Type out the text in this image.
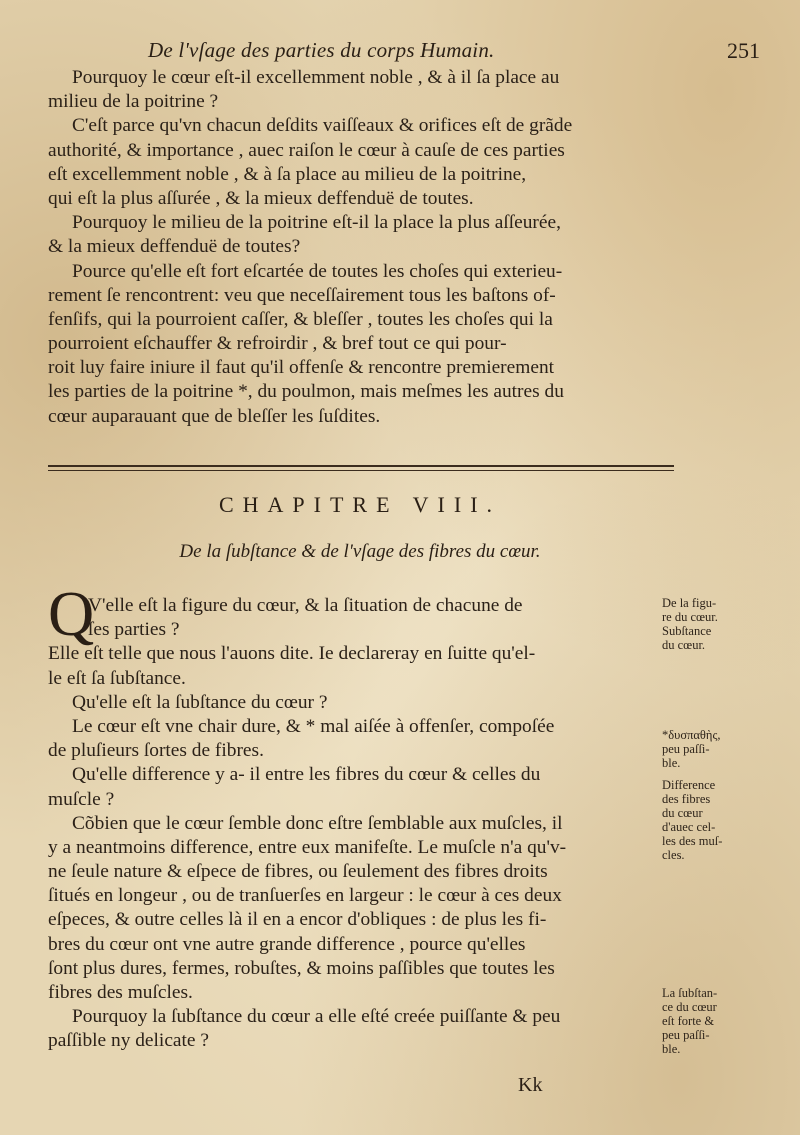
De l'vſage des parties du corps Humain.	251
Pourquoy le cœur eſt-il excellemment noble , & à il ſa place au
milieu de la poitrine ?
C'eſt parce qu'vn chacun deſdits vaiſſeaux & orifices eſt de grãde
authorité, & importance , auec raiſon le cœur à cauſe de ces parties
eſt excellemment noble , & à ſa place au milieu de la poitrine,
qui eſt la plus aſſurée , & la mieux deffenduë de toutes.
Pourquoy le milieu de la poitrine eſt-il la place la plus aſſeurée,
& la mieux deffenduë de toutes?
Pource qu'elle eſt fort eſcartée de toutes les choſes qui exterieu-
rement ſe rencontrent: veu que neceſſairement tous les baſtons of-
fenſifs, qui la pourroient caſſer, & bleſſer , toutes les choſes qui la
pourroient eſchauffer & refroirdir , & bref tout ce qui pour-
roit luy faire iniure il faut qu'il offenſe & rencontre premierement
les parties de la poitrine *, du poulmon, mais meſmes les autres du
cœur auparauant que de bleſſer les ſuſdites.
CHAPITRE VIII.
De la ſubſtance & de l'vſage des fibres du cœur.
Q
V'elle eſt la figure du cœur, & la ſituation de chacune de
ſes parties ?
Elle eſt telle que nous l'auons dite. Ie declareray en ſuitte qu'el-
le eſt ſa ſubſtance.
Qu'elle eſt la ſubſtance du cœur ?
Le cœur eſt vne chair dure, & * mal aiſée à offenſer, compoſée
de pluſieurs ſortes de fibres.
Qu'elle difference y a- il entre les fibres du cœur & celles du
muſcle ?
Cõbien que le cœur ſemble donc eſtre ſemblable aux muſcles, il
y a neantmoins difference, entre eux manifeſte. Le muſcle n'a qu'v-
ne ſeule nature & eſpece de fibres, ou ſeulement des fibres droits
ſitués en longeur , ou de tranſuerſes en largeur : le cœur à ces deux
eſpeces, & outre celles là il en a encor d'obliques : de plus les fi-
bres du cœur ont vne autre grande difference , pource qu'elles
ſont plus dures, fermes, robuſtes, & moins paſſibles que toutes les
fibres des muſcles.
Pourquoy la ſubſtance du cœur a elle eſté creée puiſſante & peu
paſſible ny delicate ?
De la figu-
re du cœur.
Subſtance
du cœur.
*δυσπαθὴς,
peu paſſi-
ble.
Difference
des fibres
du cœur
d'auec cel-
les des muſ-
cles.
La ſubſtan-
ce du cœur
eſt forte &
peu paſſi-
ble.
Kk
